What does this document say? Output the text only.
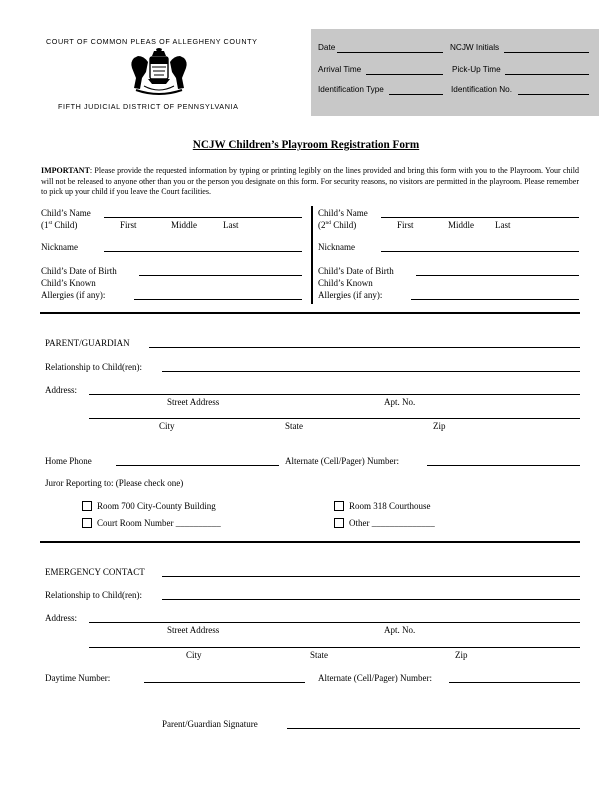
COURT OF COMMON PLEAS OF ALLEGHENY COUNTY
FIFTH JUDICIAL DISTRICT OF PENNSYLVANIA
Date	NCJW Initials
Arrival Time	Pick-Up Time
Identification Type	Identification No.
NCJW Children’s Playroom Registration Form
IMPORTANT: Please provide the requested information by typing or printing legibly on the lines provided and bring this form with you to the Playroom. Your child will not be released to anyone other than you or the person you designate on this form. For security reasons, no visitors are permitted in the playroom. Please remember to pick up your child if you leave the Court facilities.
Child’s Name
(1st Child)	First	Middle	Last
Nickname
Child’s Date of Birth
Child’s Known
Allergies (if any):
Child’s Name
(2nd Child)	First	Middle Last
Nickname
Child’s Date of Birth
Child’s Known
Allergies (if any):
PARENT/GUARDIAN
Relationship to Child(ren):
Address:
Street Address	Apt. No.
City	State	Zip
Home Phone	Alternate (Cell/Pager) Number:
Juror Reporting to: (Please check one)
Room 700 City-County Building	Room 318 Courthouse
Court Room Number __________	Other ______________
EMERGENCY CONTACT
Relationship to Child(ren):
Address:
Street Address	Apt. No.
City	State	Zip
Daytime Number:	Alternate (Cell/Pager) Number:
Parent/Guardian Signature
